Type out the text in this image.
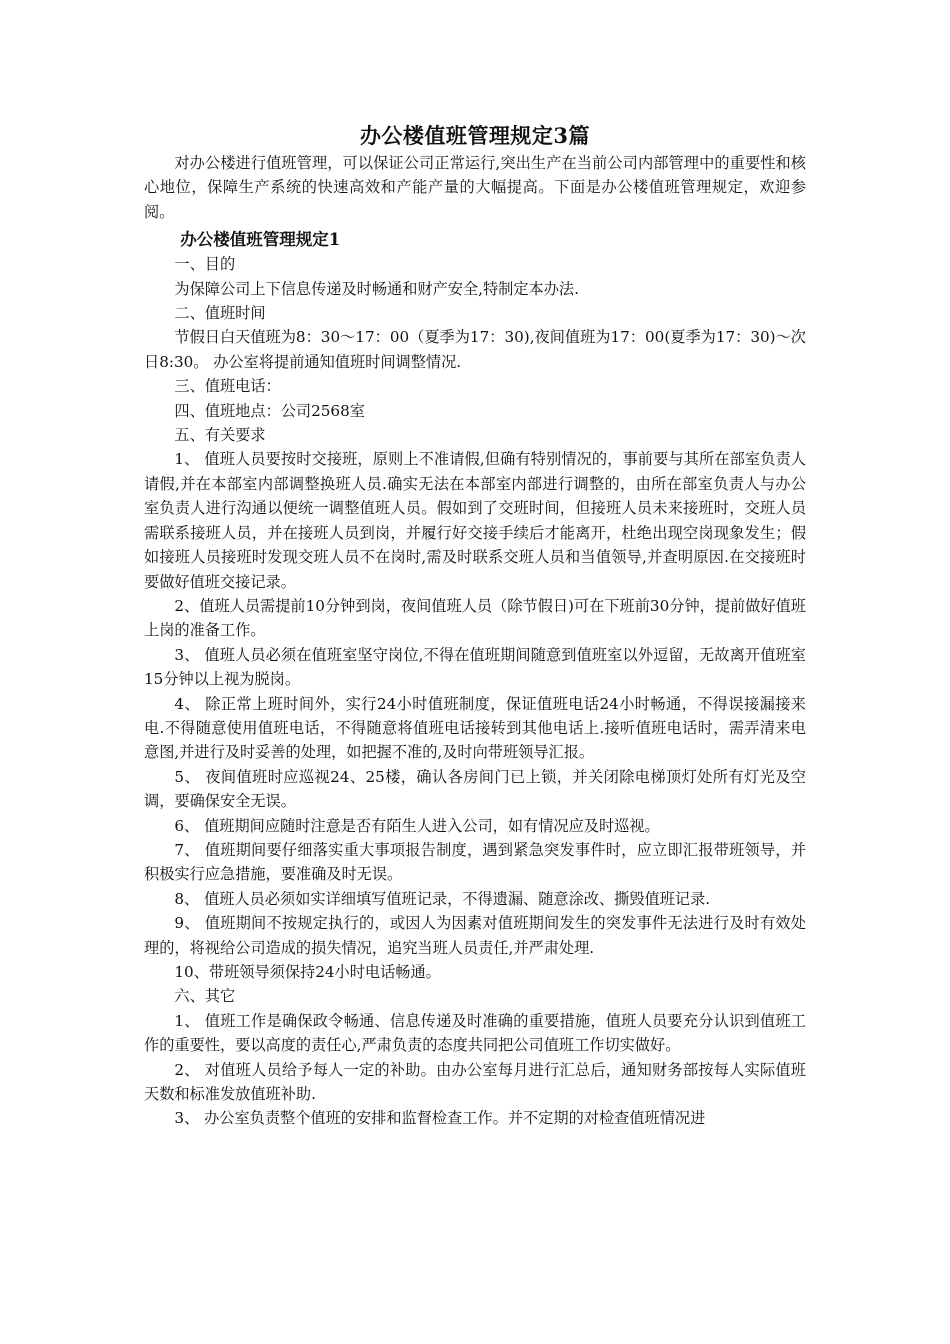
办公楼值班管理规定3篇

对办公楼进行值班管理，可以保证公司正常运行,突出生产在当前公司内部管理中的重要性和核心地位，保障生产系统的快速高效和产能产量的大幅提高。下面是办公楼值班管理规定，欢迎参阅。

办公楼值班管理规定1

一、目的

为保障公司上下信息传递及时畅通和财产安全,特制定本办法.

二、值班时间

节假日白天值班为8：30～17：00（夏季为17：30),夜间值班为17：00(夏季为17：30)～次日8:30。 办公室将提前通知值班时间调整情况.

三、值班电话：

四、值班地点：公司2568室

五、有关要求

1、 值班人员要按时交接班，原则上不准请假,但确有特别情况的，事前要与其所在部室负责人请假,并在本部室内部调整换班人员.确实无法在本部室内部进行调整的，由所在部室负责人与办公室负责人进行沟通以便统一调整值班人员。假如到了交班时间，但接班人员未来接班时，交班人员需联系接班人员，并在接班人员到岗，并履行好交接手续后才能离开，杜绝出现空岗现象发生；假如接班人员接班时发现交班人员不在岗时,需及时联系交班人员和当值领导,并查明原因.在交接班时要做好值班交接记录。

2、值班人员需提前10分钟到岗，夜间值班人员（除节假日)可在下班前30分钟，提前做好值班上岗的准备工作。

3、 值班人员必须在值班室坚守岗位,不得在值班期间随意到值班室以外逗留，无故离开值班室15分钟以上视为脱岗。

4、 除正常上班时间外，实行24小时值班制度，保证值班电话24小时畅通，不得误接漏接来电.不得随意使用值班电话，不得随意将值班电话接转到其他电话上.接听值班电话时，需弄清来电意图,并进行及时妥善的处理，如把握不准的,及时向带班领导汇报。

5、 夜间值班时应巡视24、25楼，确认各房间门已上锁，并关闭除电梯顶灯处所有灯光及空调，要确保安全无误。

6、 值班期间应随时注意是否有陌生人进入公司，如有情况应及时巡视。

7、 值班期间要仔细落实重大事项报告制度，遇到紧急突发事件时，应立即汇报带班领导，并积极实行应急措施，要准确及时无误。

8、 值班人员必须如实详细填写值班记录，不得遗漏、随意涂改、撕毁值班记录.

9、 值班期间不按规定执行的，或因人为因素对值班期间发生的突发事件无法进行及时有效处理的，将视给公司造成的损失情况，追究当班人员责任,并严肃处理.

10、带班领导须保持24小时电话畅通。

六、其它

1、 值班工作是确保政令畅通、信息传递及时准确的重要措施，值班人员要充分认识到值班工作的重要性，要以高度的责任心,严肃负责的态度共同把公司值班工作切实做好。

2、 对值班人员给予每人一定的补助。由办公室每月进行汇总后，通知财务部按每人实际值班天数和标准发放值班补助.

3、 办公室负责整个值班的安排和监督检查工作。并不定期的对检查值班情况进
